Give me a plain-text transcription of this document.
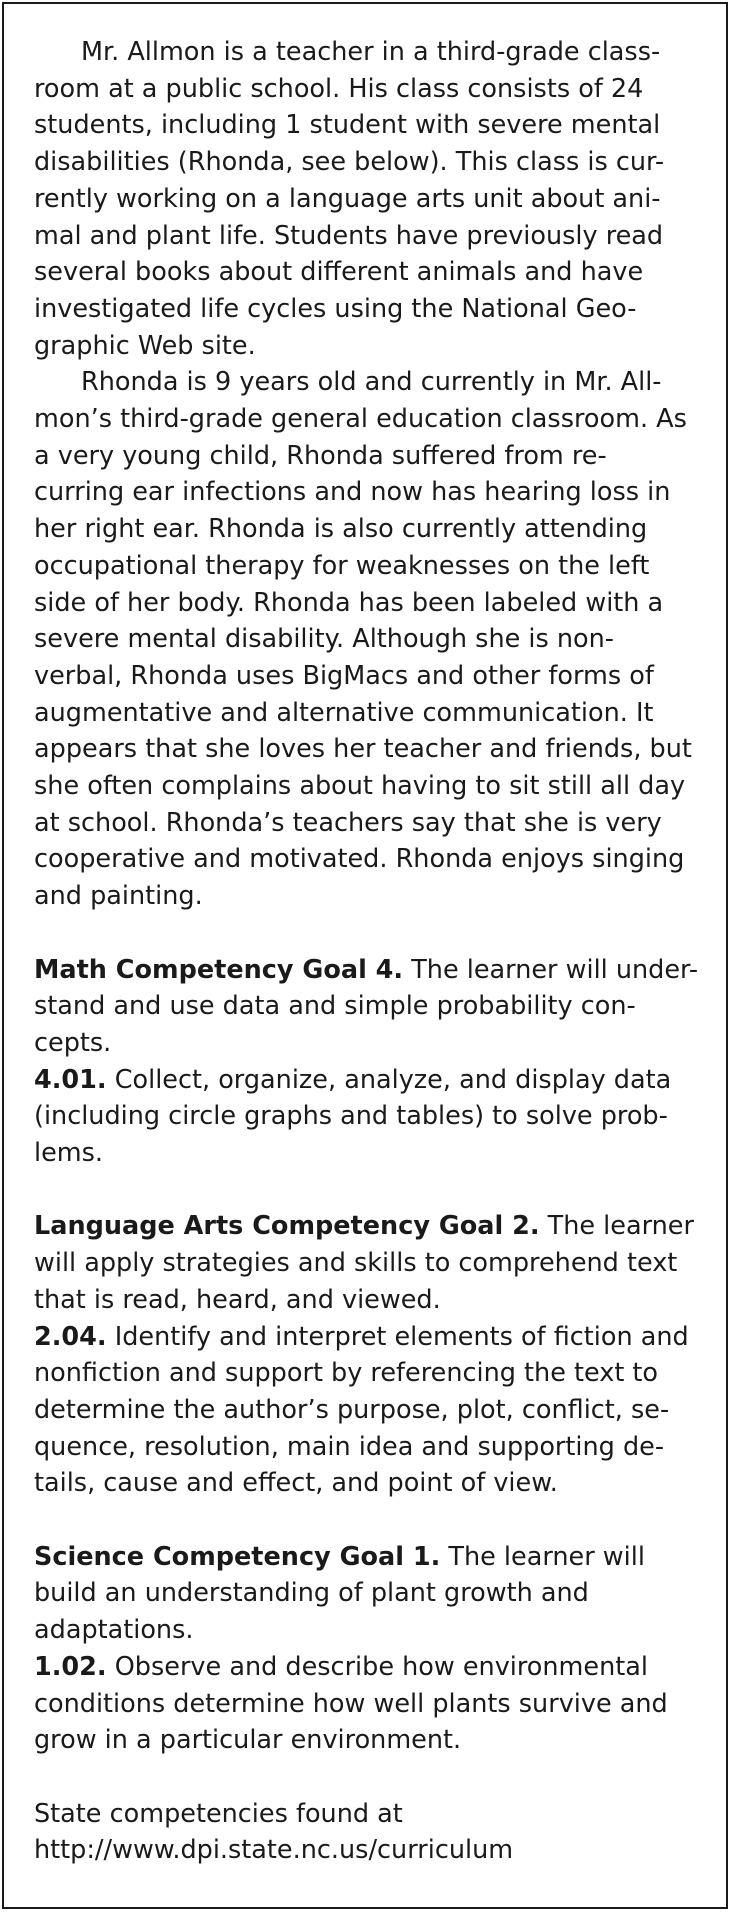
Mr. Allmon is a teacher in a third-grade class- room at a public school. His class consists of 24 students, including 1 student with severe mental disabilities (Rhonda, see below). This class is cur- rently working on a language arts unit about ani- mal and plant life. Students have previously read several books about different animals and have investigated life cycles using the National Geo- graphic Web site.

Rhonda is 9 years old and currently in Mr. All- mon’s third-grade general education classroom. As a very young child, Rhonda suffered from re- curring ear infections and now has hearing loss in her right ear. Rhonda is also currently attending occupational therapy for weaknesses on the left side of her body. Rhonda has been labeled with a severe mental disability. Although she is non- verbal, Rhonda uses BigMacs and other forms of augmentative and alternative communication. It appears that she loves her teacher and friends, but she often complains about having to sit still all day at school. Rhonda’s teachers say that she is very cooperative and motivated. Rhonda enjoys singing and painting.

Math Competency Goal 4. The learner will under- stand and use data and simple probability con- cepts.

4.01. Collect, organize, analyze, and display data (including circle graphs and tables) to solve prob- lems.

Language Arts Competency Goal 2. The learner will apply strategies and skills to comprehend text that is read, heard, and viewed.

2.04. Identify and interpret elements of fiction and nonfiction and support by referencing the text to determine the author’s purpose, plot, conflict, se- quence, resolution, main idea and supporting de- tails, cause and effect, and point of view.

Science Competency Goal 1. The learner will build an understanding of plant growth and adaptations.

1.02. Observe and describe how environmental conditions determine how well plants survive and grow in a particular environment.

State competencies found at

http://www.dpi.state.nc.us/curriculum
